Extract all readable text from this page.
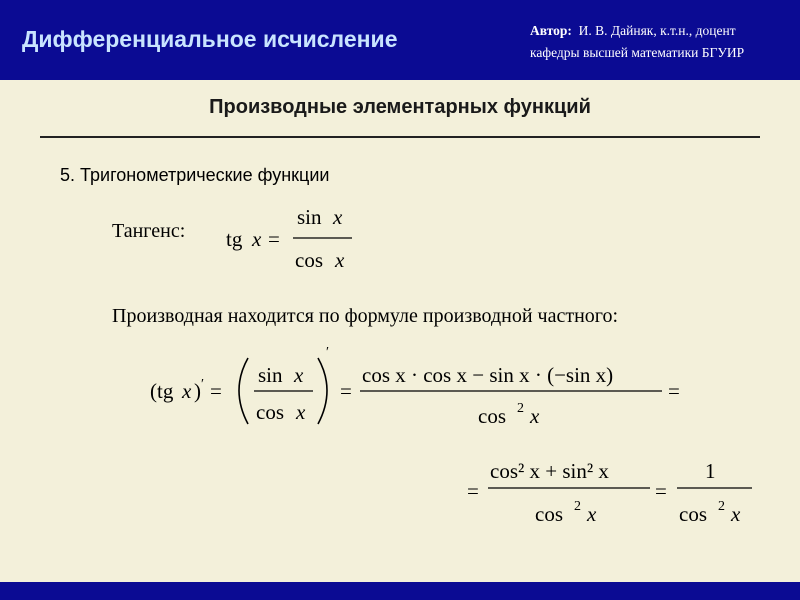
Дифференциальное исчисление	Автор: И. В. Дайняк, к.т.н., доцент
кафедры высшей математики БГУИР
Производные элементарных функций
5. Тригонометрические функции
Тангенс:
Производная находится по формуле производной частного:
tg x =
sin x
cos x
(tg x ) ′ =
sin x
cos x
′
=
cos x · cos x − sin x · (−sin x)
cos 2 x
=
=
cos² x + sin² x
cos 2 x
=
1
cos 2 x
